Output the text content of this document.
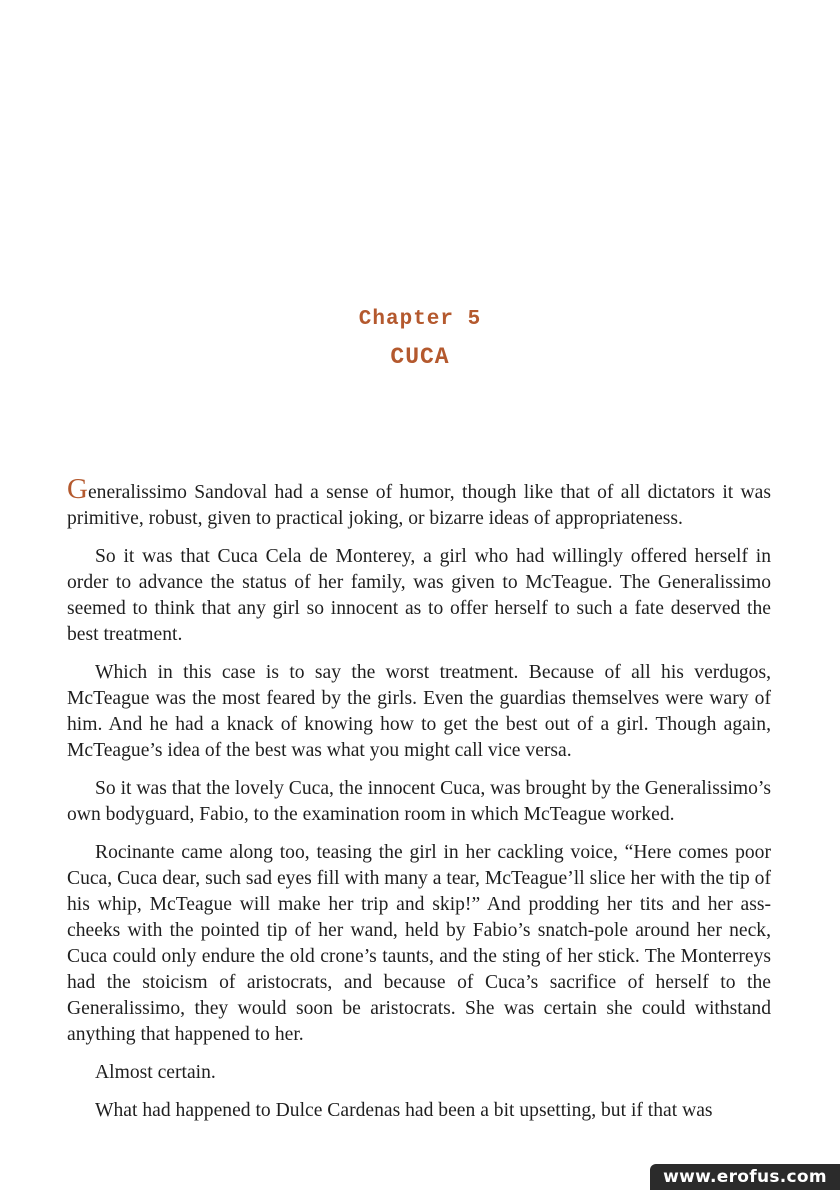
Chapter 5
CUCA

Generalissimo Sandoval had a sense of humor, though like that of all dictators it was primitive, robust, given to practical joking, or bizarre ideas of appropriateness.

So it was that Cuca Cela de Monterey, a girl who had willingly offered herself in order to advance the status of her family, was given to McTeague. The Generalissimo seemed to think that any girl so innocent as to offer herself to such a fate deserved the best treatment.

Which in this case is to say the worst treatment. Because of all his verdugos, McTeague was the most feared by the girls. Even the guardias themselves were wary of him. And he had a knack of knowing how to get the best out of a girl. Though again, McTeague’s idea of the best was what you might call vice versa.

So it was that the lovely Cuca, the innocent Cuca, was brought by the Generalissimo’s own bodyguard, Fabio, to the examination room in which McTeague worked.

Rocinante came along too, teasing the girl in her cackling voice, “Here comes poor Cuca, Cuca dear, such sad eyes fill with many a tear, McTeague’ll slice her with the tip of his whip, McTeague will make her trip and skip!” And prodding her tits and her ass-cheeks with the pointed tip of her wand, held by Fabio’s snatch-pole around her neck, Cuca could only endure the old crone’s taunts, and the sting of her stick. The Monterreys had the stoicism of aristocrats, and because of Cuca’s sacrifice of herself to the Generalissimo, they would soon be aristocrats. She was certain she could withstand anything that happened to her.

Almost certain.

What had happened to Dulce Cardenas had been a bit upsetting, but if that was

www.erofus.com
